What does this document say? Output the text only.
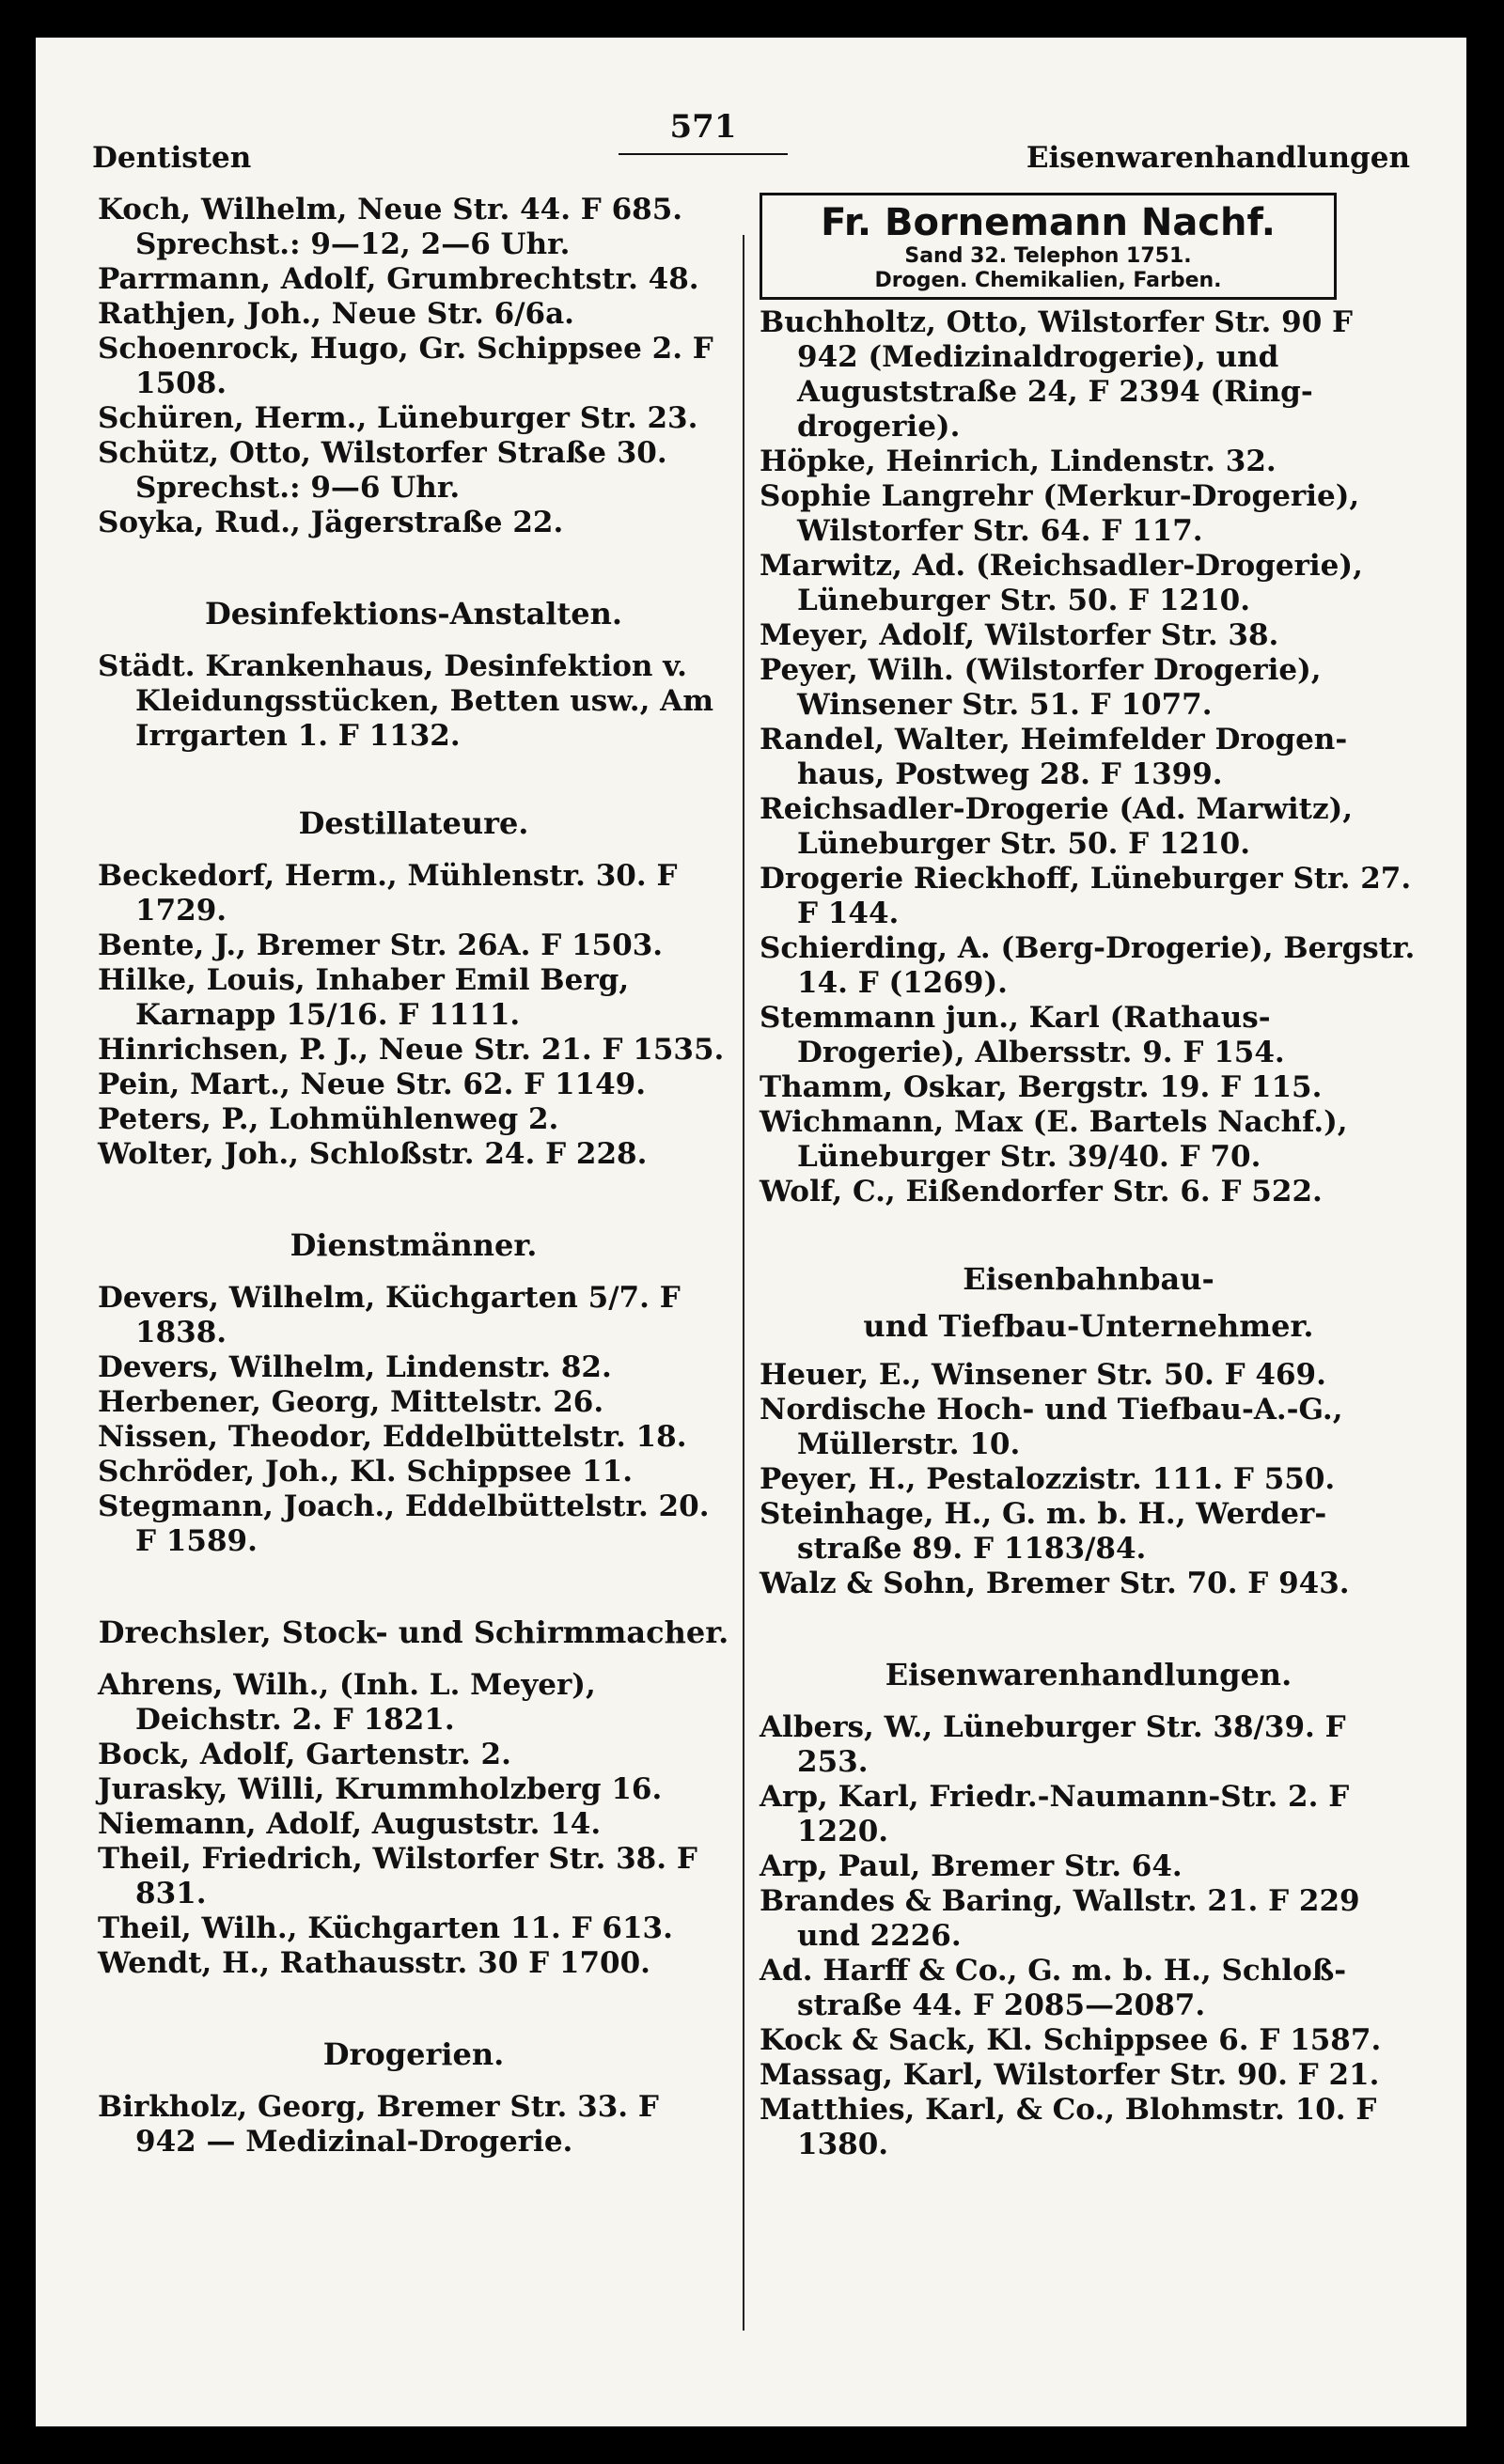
Dentisten
571
Eisenwarenhandlungen

Koch, Wilhelm, Neue Str. 44. F 685. Sprechst.: 9—12, 2—6 Uhr.

Parrmann, Adolf, Grumbrechtstr. 48.

Rathjen, Joh., Neue Str. 6/6a.

Schoenrock, Hugo, Gr. Schippsee 2. F 1508.

Schüren, Herm., Lüneburger Str. 23.

Schütz, Otto, Wilstorfer Straße 30. Sprechst.: 9—6 Uhr.

Soyka, Rud., Jägerstraße 22.

Desinfektions-Anstalten.

Städt. Krankenhaus, Desinfektion v. Kleidungsstücken, Betten usw., Am Irrgarten 1. F 1132.

Destillateure.

Beckedorf, Herm., Mühlenstr. 30. F 1729.

Bente, J., Bremer Str. 26A. F 1503.

Hilke, Louis, Inhaber Emil Berg, Karnapp 15/16. F 1111.

Hinrichsen, P. J., Neue Str. 21. F 1535.

Pein, Mart., Neue Str. 62. F 1149.

Peters, P., Lohmühlenweg 2.

Wolter, Joh., Schloßstr. 24. F 228.

Dienstmänner.

Devers, Wilhelm, Küchgarten 5/7. F 1838.

Devers, Wilhelm, Lindenstr. 82.

Herbener, Georg, Mittelstr. 26.

Nissen, Theodor, Eddelbüttelstr. 18.

Schröder, Joh., Kl. Schippsee 11.

Stegmann, Joach., Eddelbüttelstr. 20. F 1589.

Drechsler, Stock- und Schirmmacher.

Ahrens, Wilh., (Inh. L. Meyer), Deichstr. 2. F 1821.

Bock, Adolf, Gartenstr. 2.

Jurasky, Willi, Krummholzberg 16.

Niemann, Adolf, Auguststr. 14.

Theil, Friedrich, Wilstorfer Str. 38. F 831.

Theil, Wilh., Küchgarten 11. F 613.

Wendt, H., Rathausstr. 30 F 1700.

Drogerien.

Birkholz, Georg, Bremer Str. 33. F 942 — Medizinal-Drogerie.

Fr. Bornemann Nachf.
Sand 32. Telephon 1751.
Drogen. Chemikalien, Farben.

Buchholtz, Otto, Wilstorfer Str. 90 F 942 (Medizinaldrogerie), und Auguststraße 24, F 2394 (Ring-drogerie).

Höpke, Heinrich, Lindenstr. 32.

Sophie Langrehr (Merkur-Drogerie), Wilstorfer Str. 64. F 117.

Marwitz, Ad. (Reichsadler-Drogerie), Lüneburger Str. 50. F 1210.

Meyer, Adolf, Wilstorfer Str. 38.

Peyer, Wilh. (Wilstorfer Drogerie), Winsener Str. 51. F 1077.

Randel, Walter, Heimfelder Drogen-haus, Postweg 28. F 1399.

Reichsadler-Drogerie (Ad. Marwitz), Lüneburger Str. 50. F 1210.

Drogerie Rieckhoff, Lüneburger Str. 27. F 144.

Schierding, A. (Berg-Drogerie), Bergstr. 14. F (1269).

Stemmann jun., Karl (Rathaus-Drogerie), Albersstr. 9. F 154.

Thamm, Oskar, Bergstr. 19. F 115.

Wichmann, Max (E. Bartels Nachf.), Lüneburger Str. 39/40. F 70.

Wolf, C., Eißendorfer Str. 6. F 522.

Eisenbahnbau-

und Tiefbau-Unternehmer.

Heuer, E., Winsener Str. 50. F 469.

Nordische Hoch- und Tiefbau-A.-G., Müllerstr. 10.

Peyer, H., Pestalozzistr. 111. F 550.

Steinhage, H., G. m. b. H., Werder-straße 89. F 1183/84.

Walz & Sohn, Bremer Str. 70. F 943.

Eisenwarenhandlungen.

Albers, W., Lüneburger Str. 38/39. F 253.

Arp, Karl, Friedr.-Naumann-Str. 2. F 1220.

Arp, Paul, Bremer Str. 64.

Brandes & Baring, Wallstr. 21. F 229 und 2226.

Ad. Harff & Co., G. m. b. H., Schloß-straße 44. F 2085—2087.

Kock & Sack, Kl. Schippsee 6. F 1587.

Massag, Karl, Wilstorfer Str. 90. F 21.

Matthies, Karl, & Co., Blohmstr. 10. F 1380.
